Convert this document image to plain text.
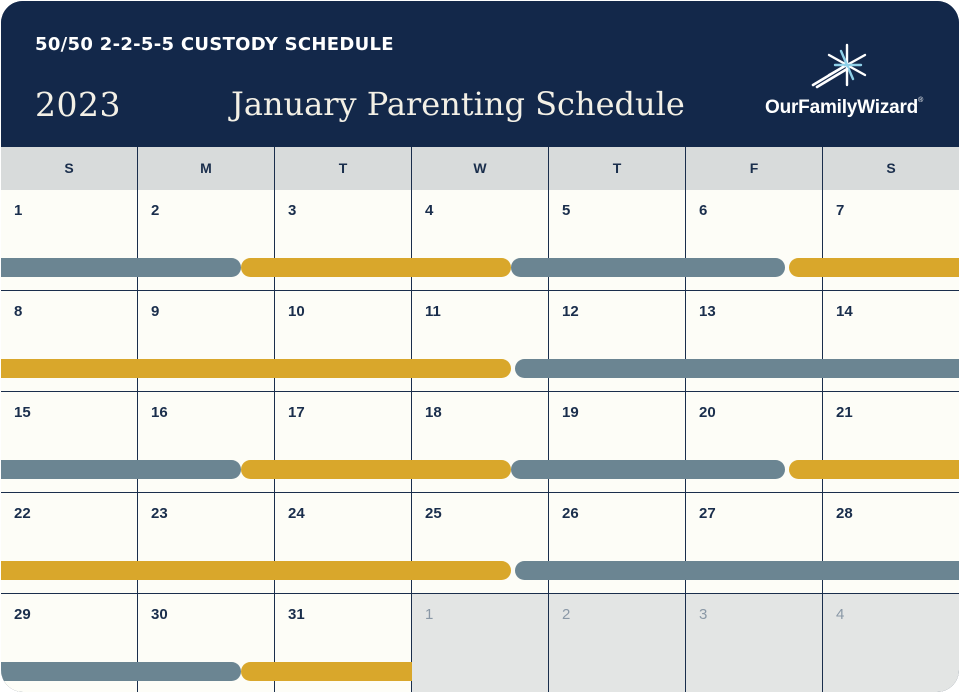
50/50 2-2-5-5 CUSTODY SCHEDULE
2023	January Parenting Schedule	OurFamilyWizard®
S	M	T	W	T	F	S
1	2	3	4	5	6	7
8	9	10	11	12	13	14
15	16	17	18	19	20	21
22	23	24	25	26	27	28
29	30	31	1	2	3	4
